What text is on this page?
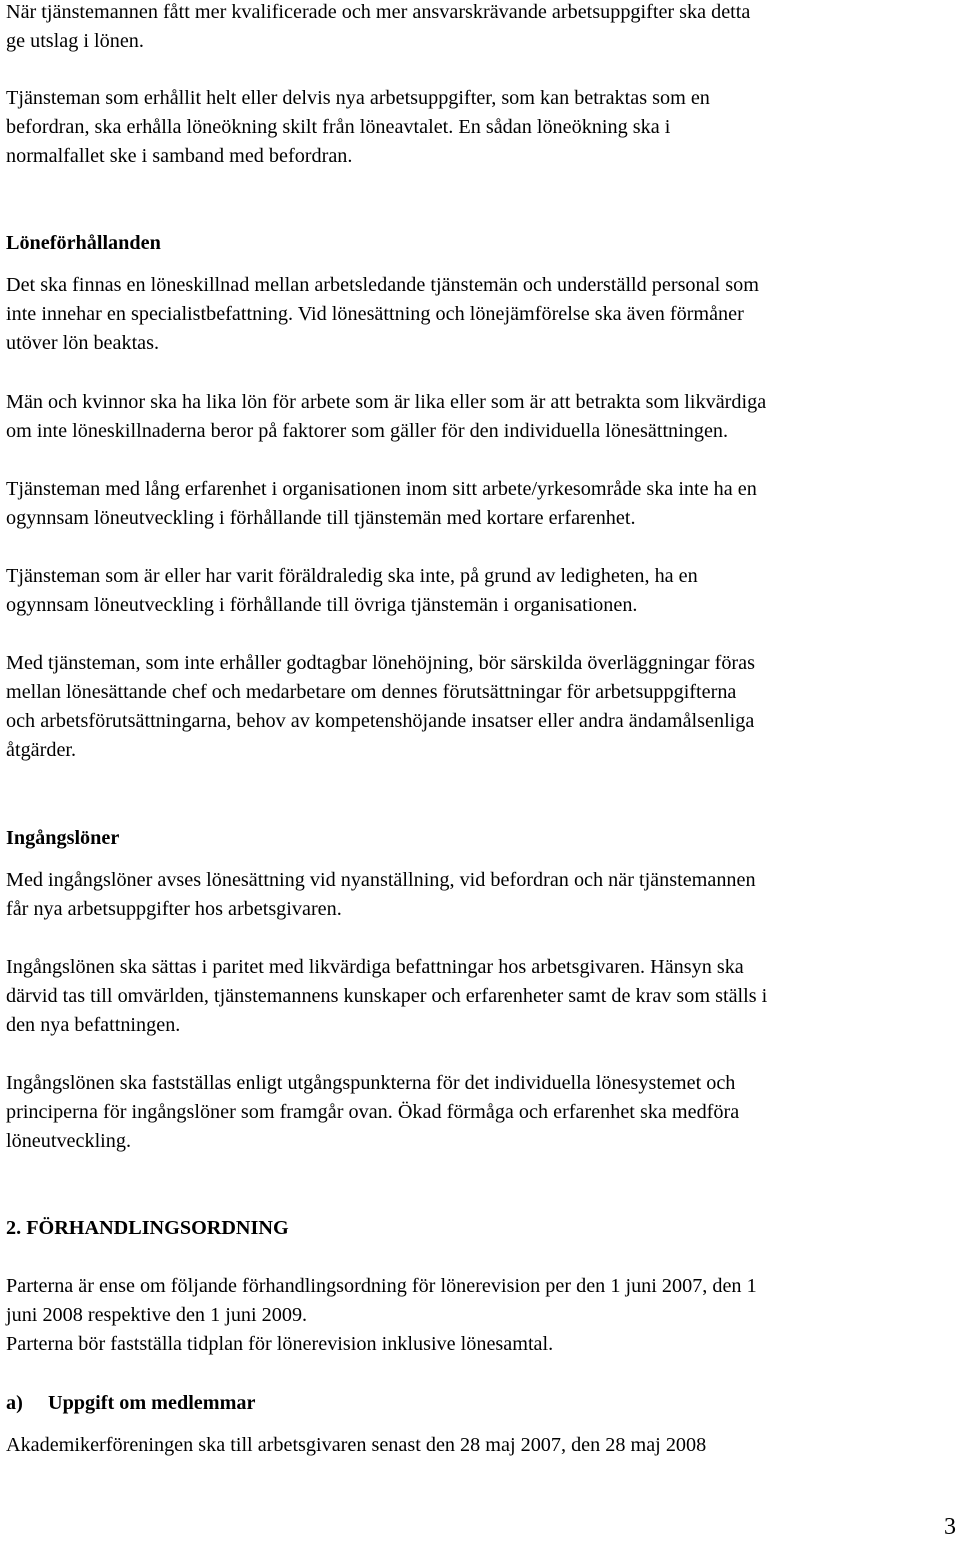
När tjänstemannen fått mer kvalificerade och mer ansvarskrävande arbetsuppgifter ska detta

ge utslag i lönen.

Tjänsteman som erhållit helt eller delvis nya arbetsuppgifter, som kan betraktas som en

befordran, ska erhålla löneökning skilt från löneavtalet. En sådan löneökning ska i

normalfallet ske i samband med befordran.

Löneförhållanden

Det ska finnas en löneskillnad mellan arbetsledande tjänstemän och underställd personal som

inte innehar en specialistbefattning. Vid lönesättning och lönejämförelse ska även förmåner

utöver lön beaktas.

Män och kvinnor ska ha lika lön för arbete som är lika eller som är att betrakta som likvärdiga

om inte löneskillnaderna beror på faktorer som gäller för den individuella lönesättningen.

Tjänsteman med lång erfarenhet i organisationen inom sitt arbete/yrkesområde ska inte ha en

ogynnsam löneutveckling i förhållande till tjänstemän med kortare erfarenhet.

Tjänsteman som är eller har varit föräldraledig ska inte, på grund av ledigheten, ha en

ogynnsam löneutveckling i förhållande till övriga tjänstemän i organisationen.

Med tjänsteman, som inte erhåller godtagbar lönehöjning, bör särskilda överläggningar föras

mellan lönesättande chef och medarbetare om dennes förutsättningar för arbetsuppgifterna

och arbetsförutsättningarna, behov av kompetenshöjande insatser eller andra ändamålsenliga

åtgärder.

Ingångslöner

Med ingångslöner avses lönesättning vid nyanställning, vid befordran och när tjänstemannen

får nya arbetsuppgifter hos arbetsgivaren.

Ingångslönen ska sättas i paritet med likvärdiga befattningar hos arbetsgivaren. Hänsyn ska

därvid tas till omvärlden, tjänstemannens kunskaper och erfarenheter samt de krav som ställs i

den nya befattningen.

Ingångslönen ska fastställas enligt utgångspunkterna för det individuella lönesystemet och

principerna för ingångslöner som framgår ovan. Ökad förmåga och erfarenhet ska medföra

löneutveckling.

2. FÖRHANDLINGSORDNING

Parterna är ense om följande förhandlingsordning för lönerevision per den 1 juni 2007, den 1

juni 2008 respektive den 1 juni 2009.

Parterna bör fastställa tidplan för lönerevision inklusive lönesamtal.

a) Uppgift om medlemmar

Akademikerföreningen ska till arbetsgivaren senast den 28 maj 2007, den 28 maj 2008

3
